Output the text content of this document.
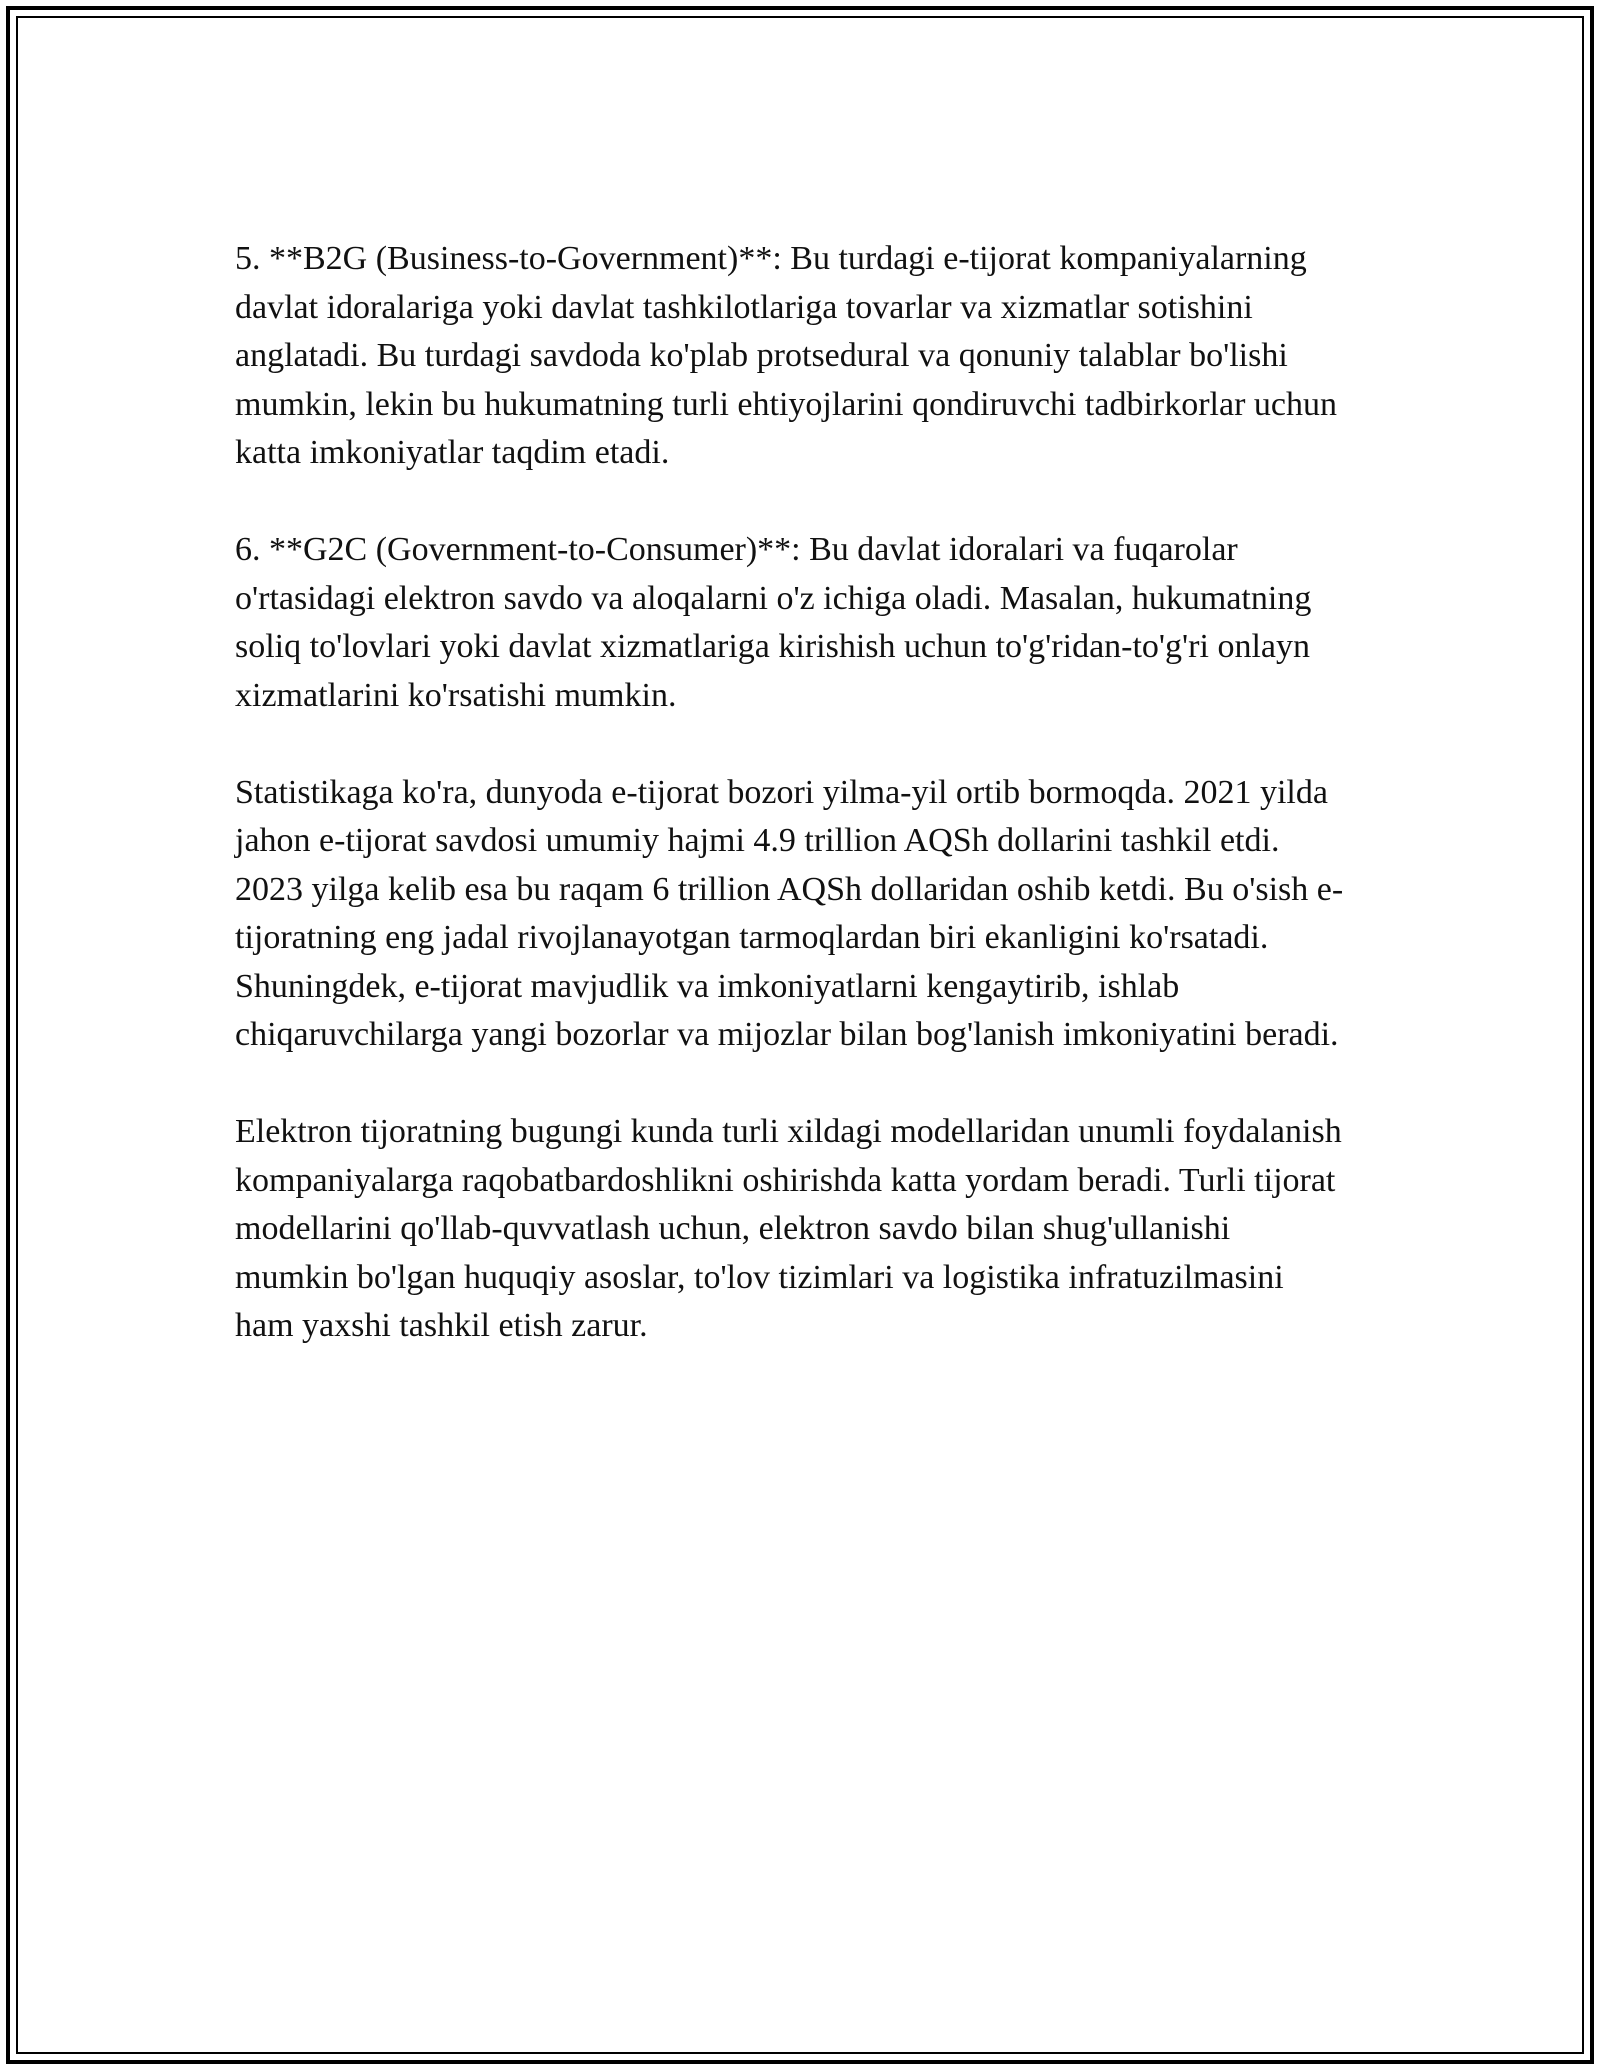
5. **B2G (Business-to-Government)**: Bu turdagi e-tijorat kompaniyalarning davlat idoralariga yoki davlat tashkilotlariga tovarlar va xizmatlar sotishini anglatadi. Bu turdagi savdoda ko'plab protsedural va qonuniy talablar bo'lishi mumkin, lekin bu hukumatning turli ehtiyojlarini qondiruvchi tadbirkorlar uchun katta imkoniyatlar taqdim etadi.

6. **G2C (Government-to-Consumer)**: Bu davlat idoralari va fuqarolar o'rtasidagi elektron savdo va aloqalarni o'z ichiga oladi. Masalan, hukumatning soliq to'lovlari yoki davlat xizmatlariga kirishish uchun to'g'ridan-to'g'ri onlayn xizmatlarini ko'rsatishi mumkin.

Statistikaga ko'ra, dunyoda e-tijorat bozori yilma-yil ortib bormoqda. 2021 yilda jahon e-tijorat savdosi umumiy hajmi 4.9 trillion AQSh dollarini tashkil etdi. 2023 yilga kelib esa bu raqam 6 trillion AQSh dollaridan oshib ketdi. Bu o'sish e-tijoratning eng jadal rivojlanayotgan tarmoqlardan biri ekanligini ko'rsatadi. Shuningdek, e-tijorat mavjudlik va imkoniyatlarni kengaytirib, ishlab chiqaruvchilarga yangi bozorlar va mijozlar bilan bog'lanish imkoniyatini beradi.

Elektron tijoratning bugungi kunda turli xildagi modellaridan unumli foydalanish kompaniyalarga raqobatbardoshlikni oshirishda katta yordam beradi. Turli tijorat modellarini qo'llab-quvvatlash uchun, elektron savdo bilan shug'ullanishi mumkin bo'lgan huquqiy asoslar, to'lov tizimlari va logistika infratuzilmasini ham yaxshi tashkil etish zarur.
